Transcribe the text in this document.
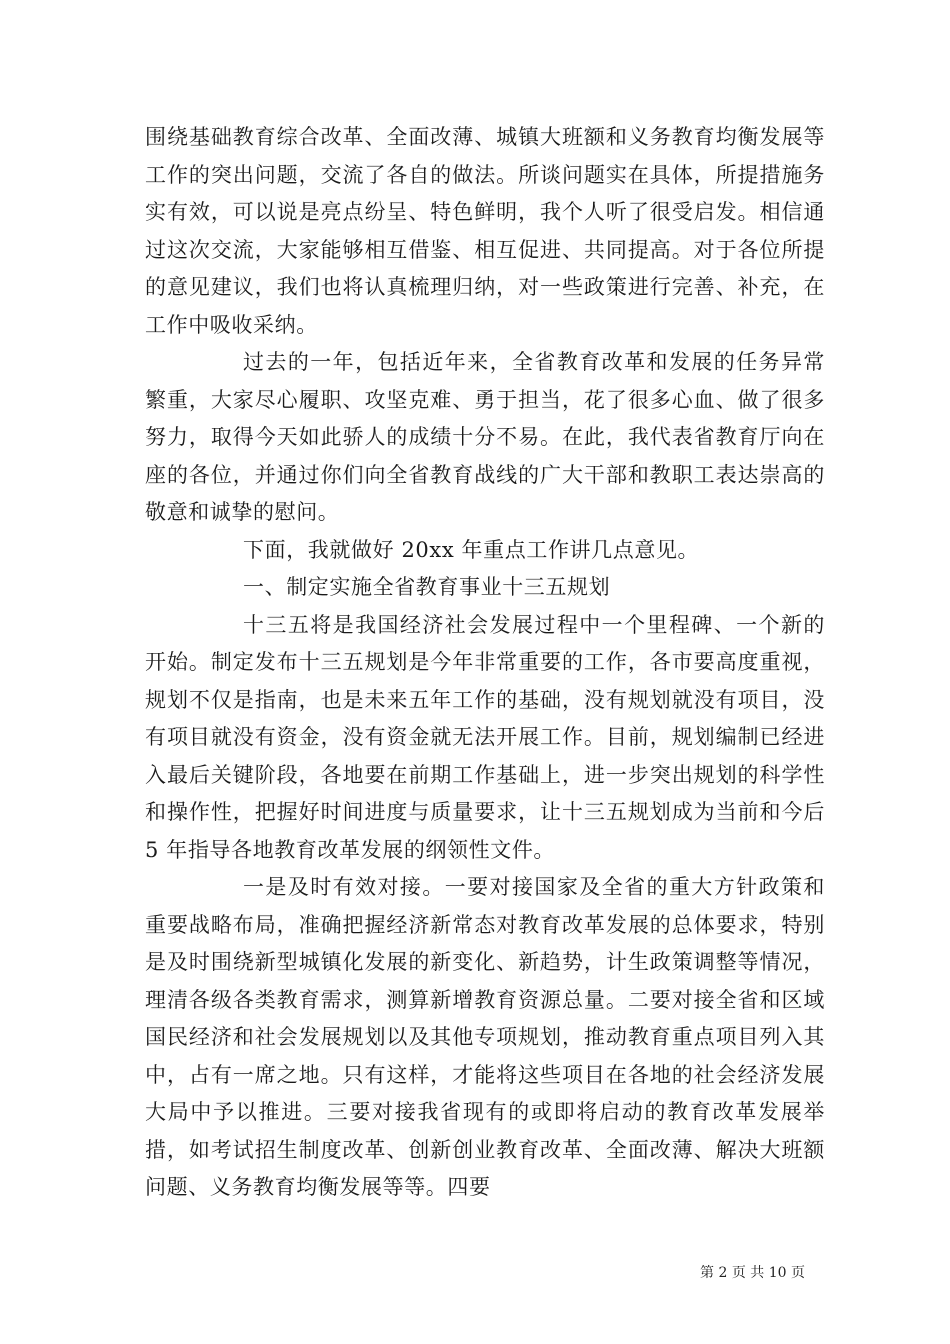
围绕基础教育综合改革、全面改薄、城镇大班额和义务教育均衡发展等工作的突出问题，交流了各自的做法。所谈问题实在具体，所提措施务实有效，可以说是亮点纷呈、特色鲜明，我个人听了很受启发。相信通过这次交流，大家能够相互借鉴、相互促进、共同提高。对于各位所提的意见建议，我们也将认真梳理归纳，对一些政策进行完善、补充，在工作中吸收采纳。

过去的一年，包括近年来，全省教育改革和发展的任务异常繁重，大家尽心履职、攻坚克难、勇于担当，花了很多心血、做了很多努力，取得今天如此骄人的成绩十分不易。在此，我代表省教育厅向在座的各位，并通过你们向全省教育战线的广大干部和教职工表达崇高的敬意和诚挚的慰问。

下面，我就做好 20xx 年重点工作讲几点意见。

一、制定实施全省教育事业十三五规划

十三五将是我国经济社会发展过程中一个里程碑、一个新的开始。制定发布十三五规划是今年非常重要的工作，各市要高度重视，规划不仅是指南，也是未来五年工作的基础，没有规划就没有项目，没有项目就没有资金，没有资金就无法开展工作。目前，规划编制已经进入最后关键阶段，各地要在前期工作基础上，进一步突出规划的科学性和操作性，把握好时间进度与质量要求，让十三五规划成为当前和今后 5 年指导各地教育改革发展的纲领性文件。

一是及时有效对接。一要对接国家及全省的重大方针政策和重要战略布局，准确把握经济新常态对教育改革发展的总体要求，特别是及时围绕新型城镇化发展的新变化、新趋势，计生政策调整等情况，理清各级各类教育需求，测算新增教育资源总量。二要对接全省和区域国民经济和社会发展规划以及其他专项规划，推动教育重点项目列入其中，占有一席之地。只有这样，才能将这些项目在各地的社会经济发展大局中予以推进。三要对接我省现有的或即将启动的教育改革发展举措，如考试招生制度改革、创新创业教育改革、全面改薄、解决大班额问题、义务教育均衡发展等等。四要

第 2 页 共 10 页
